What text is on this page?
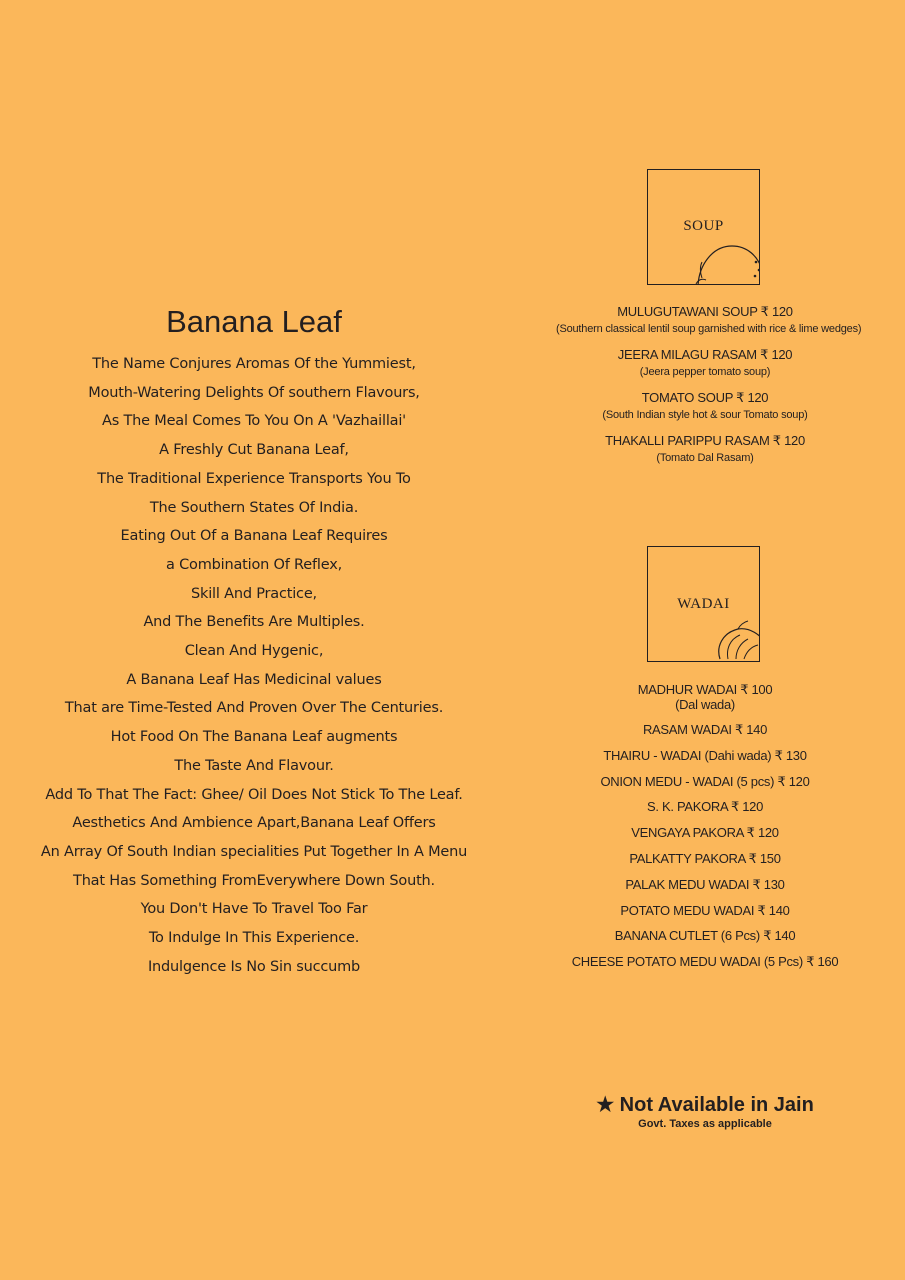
Banana Leaf
The Name Conjures Aromas Of the Yummiest,
Mouth-Watering Delights Of southern Flavours,
As The Meal Comes To You On A 'Vazhaillai'
A Freshly Cut Banana Leaf,
The Traditional Experience Transports You To
The Southern States Of India.
Eating Out Of a Banana Leaf Requires
a Combination Of Reflex,
Skill And Practice,
And The Benefits Are Multiples.
Clean And Hygenic,
A Banana Leaf Has Medicinal values
That are Time-Tested And Proven Over The Centuries.
Hot Food On The Banana Leaf augments
The Taste And Flavour.
Add To That The Fact: Ghee/ Oil Does Not Stick To The Leaf.
Aesthetics And Ambience Apart,Banana Leaf Offers
An Array Of South Indian specialities Put Together In A Menu
That Has Something FromEverywhere Down South.
You Don't Have To Travel Too Far
To Indulge In This Experience.
Indulgence Is No Sin succumb
SOUP
MULUGUTAWANI SOUP ₹ 120
(Southern classical lentil soup garnished with rice & lime wedges)
JEERA MILAGU RASAM ₹ 120
(Jeera pepper tomato soup)
TOMATO SOUP ₹ 120
(South Indian style hot & sour Tomato soup)
THAKALLI PARIPPU RASAM ₹ 120
(Tomato Dal Rasam)
WADAI
MADHUR WADAI ₹ 100
(Dal wada)
RASAM WADAI ₹ 140
THAIRU - WADAI (Dahi wada) ₹ 130
ONION MEDU - WADAI (5 pcs) ₹ 120
S. K. PAKORA ₹ 120
VENGAYA PAKORA ₹ 120
PALKATTY PAKORA ₹ 150
PALAK MEDU WADAI ₹ 130
POTATO MEDU WADAI ₹ 140
BANANA CUTLET (6 Pcs) ₹ 140
CHEESE POTATO MEDU WADAI (5 Pcs) ₹ 160
★ Not Available in Jain
Govt. Taxes as applicable
